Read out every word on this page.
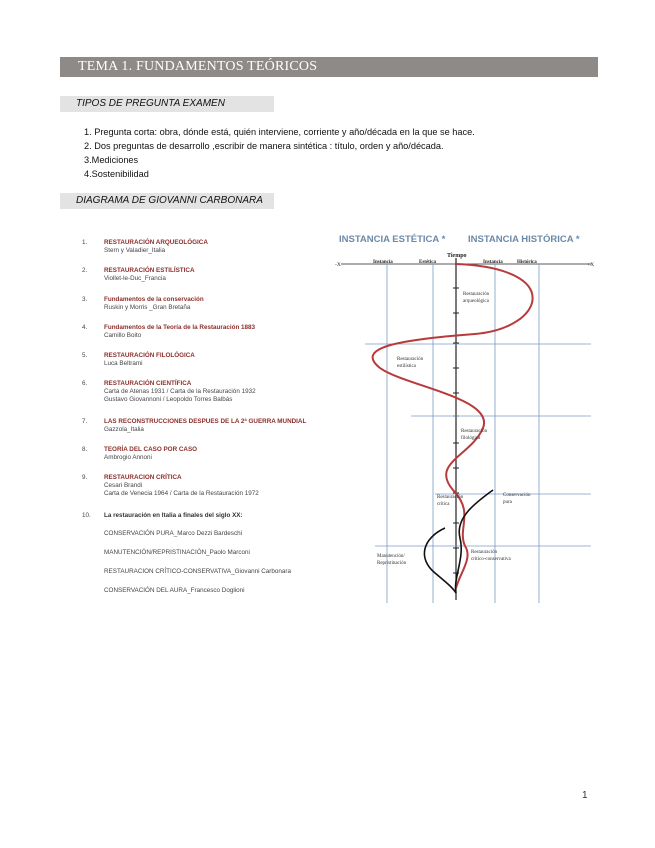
TEMA 1. FUNDAMENTOS TEÓRICOS
TIPOS DE PREGUNTA EXAMEN
1. Pregunta corta: obra, dónde está, quién interviene, corriente y año/década en la que se hace.
2. Dos preguntas de desarrollo ,escribir de manera sintética : título, orden y año/década.
3.Mediciones
4.Sostenibilidad
DIAGRAMA DE GIOVANNI CARBONARA
1.	RESTAURACIÓN ARQUEOLÓGICA
Stern y Valadier_Italia
2.	RESTAURACIÓN ESTILÍSTICA
Viollet-le-Duc_Francia
3.	Fundamentos de la conservación
Ruskin y Morris _Gran Bretaña
4.	Fundamentos de la Teoría de la Restauración 1883
Camillo Boito
5.	RESTAURACIÓN FILOLÓGICA
Luca Beltrami
6.	RESTAURACIÓN CIENTÍFICA
Carta de Atenas 1931 / Carta de la Restauración 1932
Gustavo Giovannoni / Leopoldo Torres Balbás
7.	LAS RECONSTRUCCIONES DESPUES DE LA 2ª GUERRA MUNDIAL
Gazzola_Italia
8.	TEORÍA DEL CASO POR CASO
Ambrogio Annoni
9.	RESTAURACION CRÍTICA
Cesari Brandi
Carta de Venecia 1964 / Carta de la Restauración 1972
10. La restauración en Italia a finales del siglo XX:
CONSERVACIÓN PURA_Marco Dezzi Bardeschi
MANUTENCIÓN/REPRISTINACIÓN_Paolo Marconi
RESTAURACION CRÍTICO-CONSERVATIVA_Giovanni Carbonara
CONSERVACIÓN DEL AURA_Francesco Doglioni
INSTANCIA ESTÉTICA * INSTANCIA HISTÓRICA *
Tiempo
-X	+X
Instancia	Estética	Instancia	Histórica
Restauración arqueológica
Restauración estilística
Restauración filológica
Restauración crítica
Conservación pura
Manutención/ Repristinación
Restauración crítico-conservativa
1
